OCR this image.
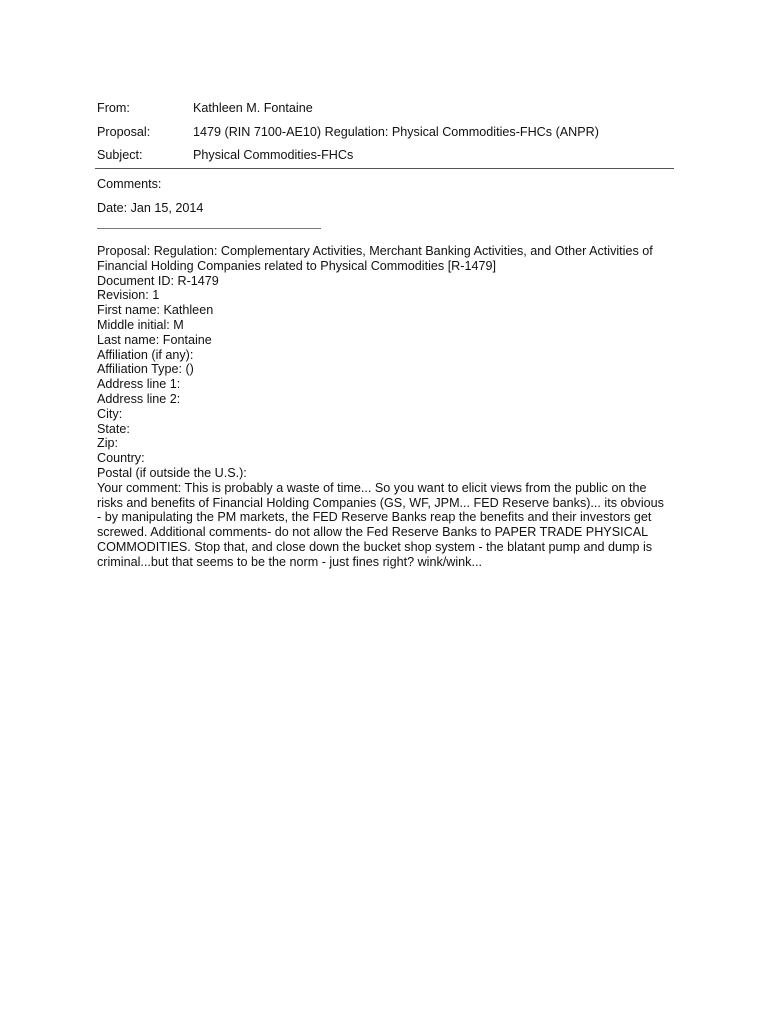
From:	Kathleen M. Fontaine
Proposal:	1479 (RIN 7100-AE10) Regulation: Physical Commodities-FHCs (ANPR)
Subject:	Physical Commodities-FHCs
Comments:
Date: Jan 15, 2014
Proposal: Regulation: Complementary Activities, Merchant Banking Activities, and Other Activities of
Financial Holding Companies related to Physical Commodities [R-1479]
Document ID: R-1479
Revision: 1
First name: Kathleen
Middle initial: M
Last name: Fontaine
Affiliation (if any):
Affiliation Type: ()
Address line 1:
Address line 2:
City:
State:
Zip:
Country:
Postal (if outside the U.S.):
Your comment: This is probably a waste of time... So you want to elicit views from the public on the
risks and benefits of Financial Holding Companies (GS, WF, JPM... FED Reserve banks)... its obvious
- by manipulating the PM markets, the FED Reserve Banks reap the benefits and their investors get
screwed. Additional comments- do not allow the Fed Reserve Banks to PAPER TRADE PHYSICAL
COMMODITIES. Stop that, and close down the bucket shop system - the blatant pump and dump is
criminal...but that seems to be the norm - just fines right? wink/wink...
